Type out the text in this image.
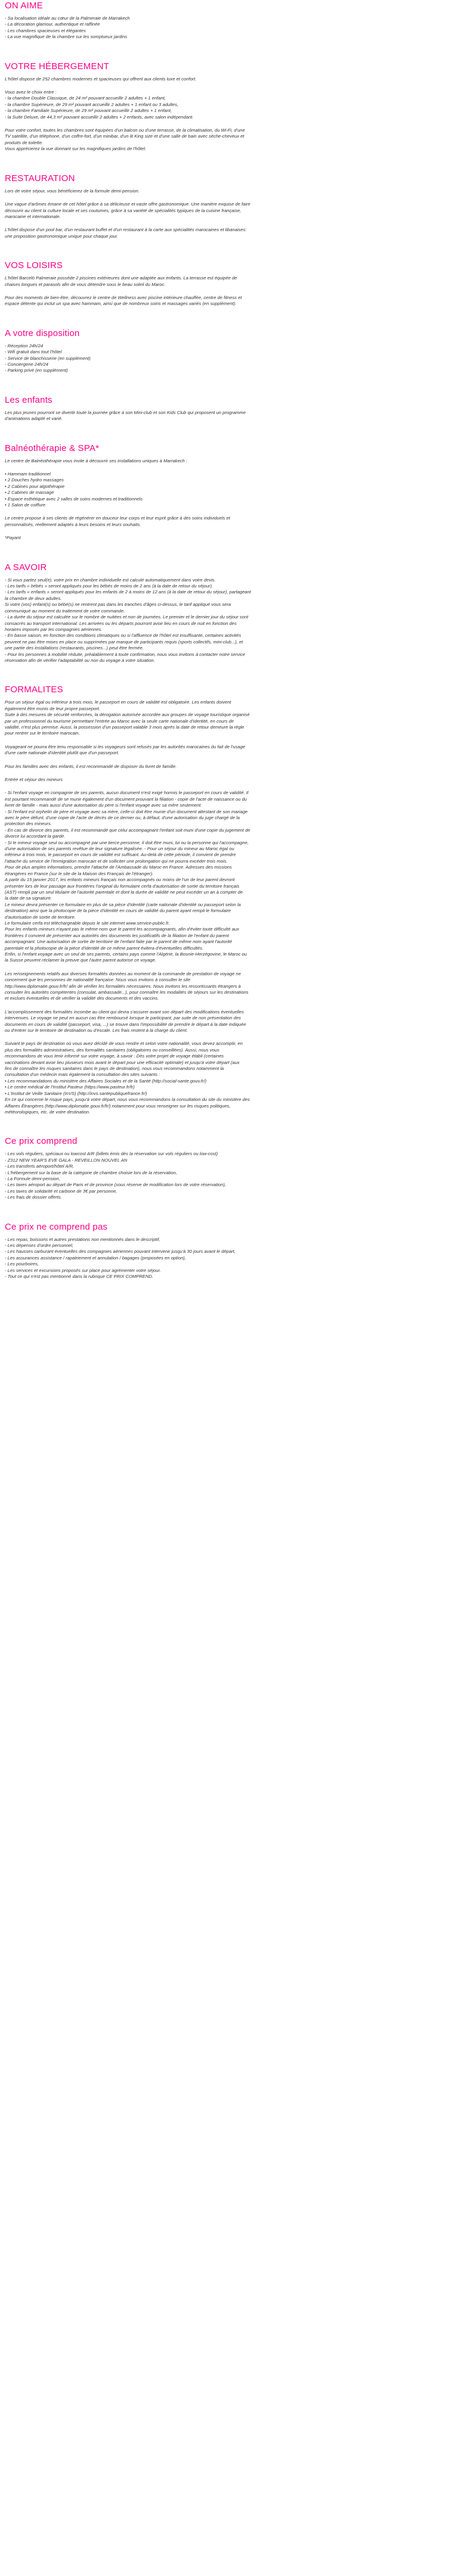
ON AIME

- Sa localisation idéale au cœur de la Palmeraie de Marrakech

- La décoration glamour, authentique et raffinée

- Les chambres spacieuses et élégantes

- La vue magnifique de la chambre sur les somptueux jardins

VOTRE HÉBERGEMENT

L'hôtel dispose de 252 chambres modernes et spacieuses qui offrent aux clients luxe et confort.

Vous avez le choix entre :

- la chambre Double Classique, de 24 m² pouvant accueillir 2 adultes + 1 enfant,

- la chambre Supérieure, de 29 m² pouvant accueillir 2 adultes + 1 enfant ou 3 adultes,

- la chambre Familiale Supérieure, de 29 m² pouvant accueillir 2 adultes + 1 enfant,

- la Suite Deluxe, de 44,3 m² pouvant accueillir 2 adultes + 2 enfants, avec salon indépendant.

Pour votre confort, toutes les chambres sont équipées d'un balcon ou d'une terrasse, de la climatisation, du Wi-Fi, d'une

TV satellite, d'un téléphone, d'un coffre-fort, d'un minibar, d'un lit King size et d'une salle de bain avec sèche-cheveux et

produits de toilette.

Vous apprécierez la vue donnant sur les magnifiques jardins de l'hôtel.

RESTAURATION

Lors de votre séjour, vous bénéficierez de la formule demi-pension.

Une vague d'arômes émane de cet hôtel grâce à sa délicieuse et vaste offre gastronomique. Une manière exquise de faire

découvrir au client la culture locale et ses coutumes, grâce à sa variété de spécialités typiques de la cuisine française,

marocaine et internationale.

L'hôtel dispose d'un pool bar, d'un restaurant buffet et d'un restaurant à la carte aux spécialités marocaines et libanaises:

une proposition gastronomique unique pour chaque jour.

VOS LOISIRS

L'hôtel Barceló Palmeraie possède 2 piscines extérieures dont une adaptée aux enfants. La terrasse est équipée de

chaises longues et parasols afin de vous détendre sous le beau soleil du Maroc.

Pour des moments de bien-être, découvrez le centre de Wellness avec piscine intérieure chauffée, centre de fitness et

espace détente qui inclut un spa avec hammam, ainsi que de nombreux soins et massages variés (en supplément).

A votre disposition

- Réception 24h/24

- Wifi gratuit dans tout l'hôtel

- Service de blanchisserie (en supplément)

- Conciergerie 24h/24

- Parking privé (en supplément)

Les enfants

Les plus jeunes pourront se divertir toute la journée grâce à son Mini-club et son Kids Club qui proposent un programme

d'animations adapté et varié.

Balnéothérapie & SPA*

Le centre de Balnéothérapie vous invite à découvrir ses installations uniques à Marrakech :

• Hammam traditionnel

• 2 Douches hydro massages

• 2 Cabines pour algothérapie

• 2 Cabines de massage

• Espace esthétique avec 2 salles de soins modernes et traditionnels

• 1 Salon de coiffure

Le centre propose à ses clients de régénérer en douceur leur corps et leur esprit grâce à des soins individuels et

personnalisés, réellement adaptés à leurs besoins et leurs souhaits.

*Payant

A SAVOIR

- Si vous partez seul(e), votre prix en chambre individuelle est calculé automatiquement dans votre devis.

- Les tarifs « bébés » seront appliqués pour les bébés de moins de 2 ans (à la date de retour du séjour).

- Les tarifs « enfants » seront appliqués pour les enfants de 2 à moins de 12 ans (à la date de retour du séjour), partageant

la chambre de deux adultes.

Si votre (vos) enfant(s) ou bébé(s) ne rentrent pas dans les tranches d'âges ci-dessus, le tarif appliqué vous sera

communiqué au moment du traitement de votre commande.

- La durée du séjour est calculée sur le nombre de nuitées et non de journées. Le premier et le dernier jour du séjour sont

consacrés au transport international. Les arrivées ou les départs pourront avoir lieu en cours de nuit en fonction des

horaires imposés par les compagnies aériennes.

- En basse saison, en fonction des conditions climatiques ou si l'affluence de l'hôtel est insuffisante, certaines activités

peuvent ne pas être mises en place ou supprimées par manque de participants requis (sports collectifs, mini-club...), et

une partie des installations (restaurants, piscines...) peut être fermée.

- Pour les personnes à mobilité réduite, préalablement à toute confirmation, nous vous invitons à contacter notre service

réservation afin de vérifier l'adaptabilité ou non du voyage à votre situation.

FORMALITES

Pour un séjour égal ou inférieur à trois mois, le passeport en cours de validité est obligatoire. Les enfants doivent

également être munis de leur propre passeport.

Suite à des mesures de sécurité renforcées, la dérogation autorisée accordée aux groupes de voyage touristique organisé

par un professionnel du tourisme permettant l'entrée au Maroc avec la seule carte nationale d'identité, en cours de

validité, n'est plus permise. Aussi, la possession d'un passeport valable 3 mois après la date de retour demeure la règle

pour rentrer sur le territoire marocain.

Voyageant ne pourra être tenu responsable si les voyageurs sont refusés par les autorités marocaines du fait de l'usage

d'une carte nationale d'identité plutôt que d'un passeport.

Pour les familles avec des enfants, il est recommandé de disposer du livret de famille.

Entrée et séjour des mineurs

- Si l'enfant voyage en compagnie de ses parents, aucun document n'est exigé hormis le passeport en cours de validité. Il

est pourtant recommandé de se munir également d'un document prouvant la filiation - copie de l'acte de naissance ou du

livret de famille - mais aussi d'une autorisation du père si l'enfant voyage avec sa mère seulement.

- Si l'enfant est orphelin de père et voyage avec sa mère, celle-ci doit être munie d'un document attestant de son mariage

avec le père défunt, d'une copie de l'acte de décès de ce dernier ou, à défaut, d'une autorisation du juge chargé de la

protection des mineurs.

- En cas de divorce des parents, il est recommandé que celui accompagnant l'enfant soit muni d'une copie du jugement de

divorce lui accordant la garde.

- Si le mineur voyage seul ou accompagné par une tierce personne, il doit être muni, lui ou la personne qui l'accompagne,

d'une autorisation de ses parents revêtue de leur signature légalisée. - Pour un séjour du mineur au Maroc égal ou

inférieur à trois mois, le passeport en cours de validité est suffisant. Au-delà de cette période, il convient de prendre

l'attache du service de l'Immigration marocain et de solliciter une prolongation qui ne pourra excéder trois mois.

Pour de plus amples informations, prendre l'attache de l'Ambassade du Maroc en France. Adresses des missions

étrangères en France (sur le site de la Maison des Français de l'étranger).

A partir du 15 janvier 2017, les enfants mineurs français non accompagnés ou moins de l'un de leur parent devront

présenter lors de leur passage aux frontières l'original du formulaire cerfa d'autorisation de sortie du territoire français

(AST) rempli par un seul titulaire de l'autorité parentale et dont la durée de validité ne peut excéder un an à compter de

la date de sa signature.

Le mineur devra présenter ce formulaire en plus de sa pièce d'identité (carte nationale d'identité ou passeport selon la

destination) ainsi que la photocopie de la pièce d'identité en cours de validité du parent ayant rempli le formulaire

d'autorisation de sortie de territoire.

Le formulaire cerfa est téléchargeable depuis le site internet www.service-public.fr.

Pour les enfants mineurs n'ayant pas le même nom que le parent les accompagnants, afin d'éviter toute difficulté aux

frontières il convient de présenter aux autorités des documents les justificatifs de la filiation de l'enfant du parent

accompagnant. Une autorisation de sortie de territoire de l'enfant faite par le parent de même nom ayant l'autorité

parentale et la photocopie de la pièce d'identité de ce même parent évitera d'éventuelles difficultés.

Enfin, si l'enfant voyage avec un seul de ses parents, certains pays comme l'Algérie, la Bosnie-Herzégovine, le Maroc ou

la Suisse peuvent réclamer la preuve que l'autre parent autorise ce voyage.

Les renseignements relatifs aux diverses formalités données au moment de la commande de prestation de voyage ne

concernent que les personnes de nationalité française. Nous vous invitons à consulter le site

http://www.diplomatie.gouv.fr/fr/ afin de vérifier les formalités nécessaires. Nous invitons les ressortissants étrangers à

consulter les autorités compétentes (consulat, ambassade...), pour connaître les modalités de séjours sur les destinations

et exclues éventuelles et de vérifier la validité des documents et des vaccins.

L'accomplissement des formalités incombe au client qui devra s'assurer avant son départ des modifications éventuelles

intervenues. Le voyage ne peut en aucun cas être remboursé lorsque le participant, par suite de non présentation des

documents en cours de validité (passeport, visa, ...) se trouve dans l'impossibilité de prendre le départ à la date indiquée

ou d'entrer sur le territoire de destination ou d'escale. Les frais restent à la charge du client.

Suivant le pays de destination où vous avez décidé de vous rendre et selon votre nationalité, vous devez accomplir, en

plus des formalités administratives, des formalités sanitaires (obligatoires ou conseillées). Aussi, nous vous

recommandons de vous tenir informé sur votre voyage, à savoir : Dès votre projet de voyage établi (certaines

vaccinations devant avoir lieu plusieurs mois avant le départ pour une efficacité optimale) et jusqu'à votre départ (aux

fins de connaître les risques sanitaires dans le pays de destination), nous vous recommandons notamment la

consultation d'un médecin mais également la consultation des sites suivants :

• Les recommandations du ministère des Affaires Sociales et de la Santé (http://social-sante.gouv.fr/)

• Le centre médical de l'Institut Pasteur (https://www.pasteur.fr/fr)

• L'Institut de Veille Sanitaire (InVS) (http://invs.santepubliquefrance.fr/)

En ce qui concerne le risque pays, jusqu'à votre départ, nous vous recommandons la consultation du site du ministère des

Affaires Étrangères (http://www.diplomatie.gouv.fr/fr/) notamment pour vous renseigner sur les risques politiques,

météorologiques, etc. de votre destination.

Ce prix comprend

- Les vols réguliers, spéciaux ou lowcost A/R (billets émis dès la réservation sur vols réguliers ou low-cost)

- Z312 NEW YEAR'S EVE GALA - REVEILLON NOUVEL AN

- Les transferts aéroport/hôtel A/R,

- L'hébergement sur la base de la catégorie de chambre choisie lors de la réservation,

- La Formule demi-pension,

- Les taxes aéroport au départ de Paris et de province (sous réserve de modification lors de votre réservation),

- Les taxes de solidarité et carbone de 3€ par personne,

- Les frais de dossier offerts.

Ce prix ne comprend pas

- Les repas, boissons et autres prestations non mentionnés dans le descriptif,

- Les dépenses d'ordre personnel,

- Les hausses carburant éventuelles des compagnies aériennes pouvant intervenir jusqu'à 30 jours avant le départ,

- Les assurances assistance / rapatriement et annulation / bagages (proposées en option),

- Les pourboires,

- Les services et excursions proposés sur place pour agrémenter votre séjour.

- Tout ce qui n'est pas mentionné dans la rubrique CE PRIX COMPREND.
